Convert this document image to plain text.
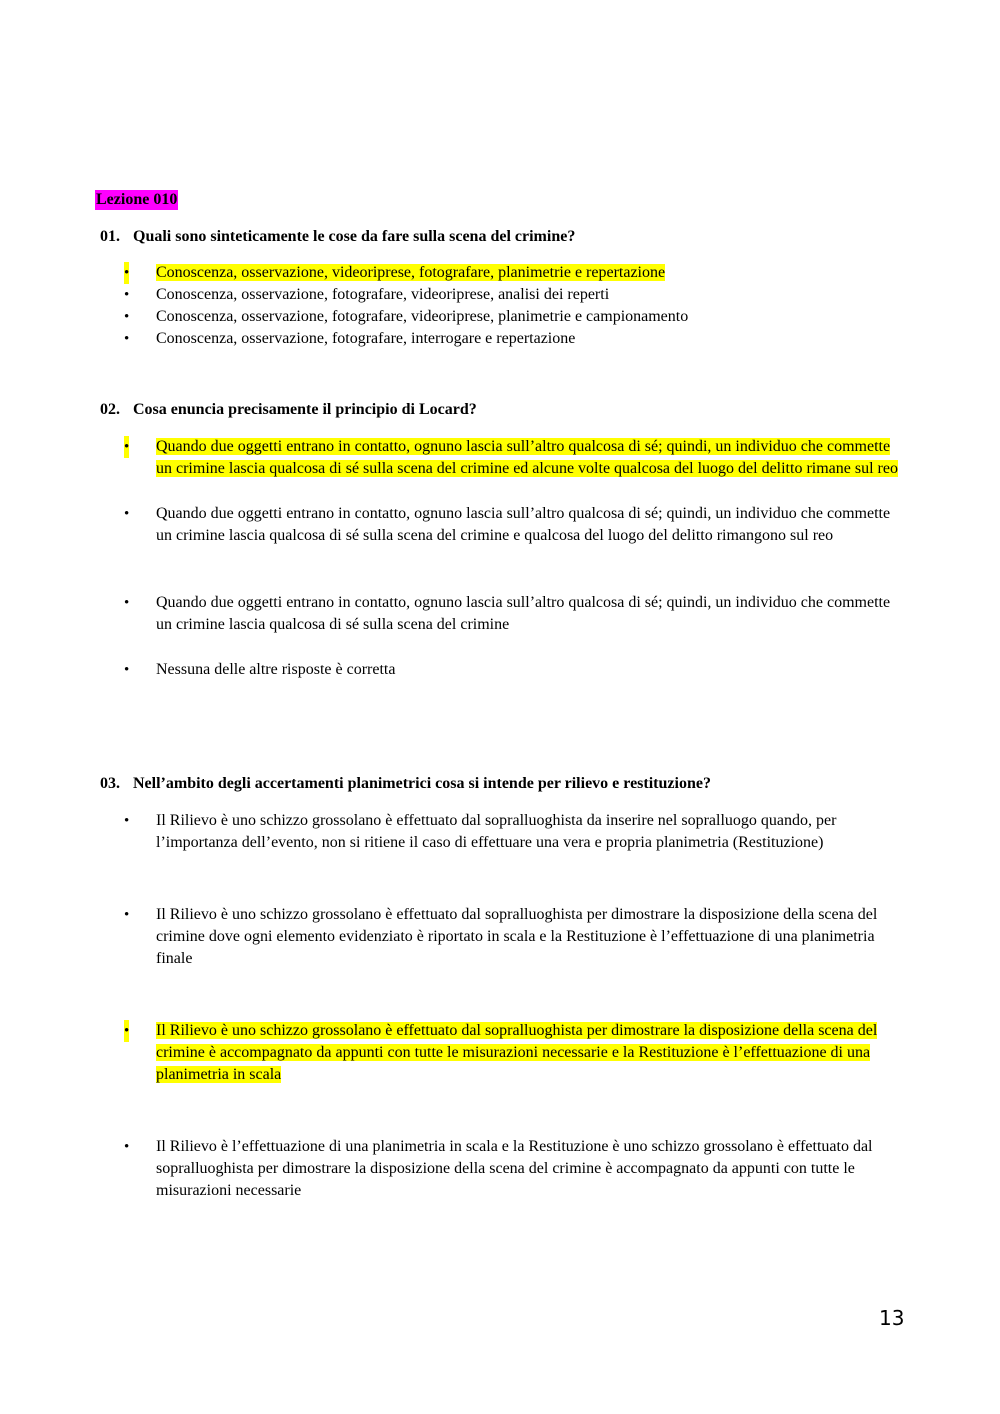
Lezione 010
01. Quali sono sinteticamente le cose da fare sulla scena del crimine?
• Conoscenza, osservazione, videoriprese, fotografare, planimetrie e repertazione
• Conoscenza, osservazione, fotografare, videoriprese, analisi dei reperti
• Conoscenza, osservazione, fotografare, videoriprese, planimetrie e campionamento
• Conoscenza, osservazione, fotografare, interrogare e repertazione
02. Cosa enuncia precisamente il principio di Locard?
• Quando due oggetti entrano in contatto, ognuno lascia sull’altro qualcosa di sé; quindi, un individuo che commette un crimine lascia qualcosa di sé sulla scena del crimine ed alcune volte qualcosa del luogo del delitto rimane sul reo
• Quando due oggetti entrano in contatto, ognuno lascia sull’altro qualcosa di sé; quindi, un individuo che commette un crimine lascia qualcosa di sé sulla scena del crimine e qualcosa del luogo del delitto rimangono sul reo
• Quando due oggetti entrano in contatto, ognuno lascia sull’altro qualcosa di sé; quindi, un individuo che commette un crimine lascia qualcosa di sé sulla scena del crimine
• Nessuna delle altre risposte è corretta
03. Nell’ambito degli accertamenti planimetrici cosa si intende per rilievo e restituzione?
• Il Rilievo è uno schizzo grossolano è effettuato dal sopralluoghista da inserire nel sopralluogo quando, per l’importanza dell’evento, non si ritiene il caso di effettuare una vera e propria planimetria (Restituzione)
• Il Rilievo è uno schizzo grossolano è effettuato dal sopralluoghista per dimostrare la disposizione della scena del crimine dove ogni elemento evidenziato è riportato in scala e la Restituzione è l’effettuazione di una planimetria finale
• Il Rilievo è uno schizzo grossolano è effettuato dal sopralluoghista per dimostrare la disposizione della scena del crimine è accompagnato da appunti con tutte le misurazioni necessarie e la Restituzione è l’effettuazione di una planimetria in scala
• Il Rilievo è l’effettuazione di una planimetria in scala e la Restituzione è uno schizzo grossolano è effettuato dal sopralluoghista per dimostrare la disposizione della scena del crimine è accompagnato da appunti con tutte le misurazioni necessarie
13
